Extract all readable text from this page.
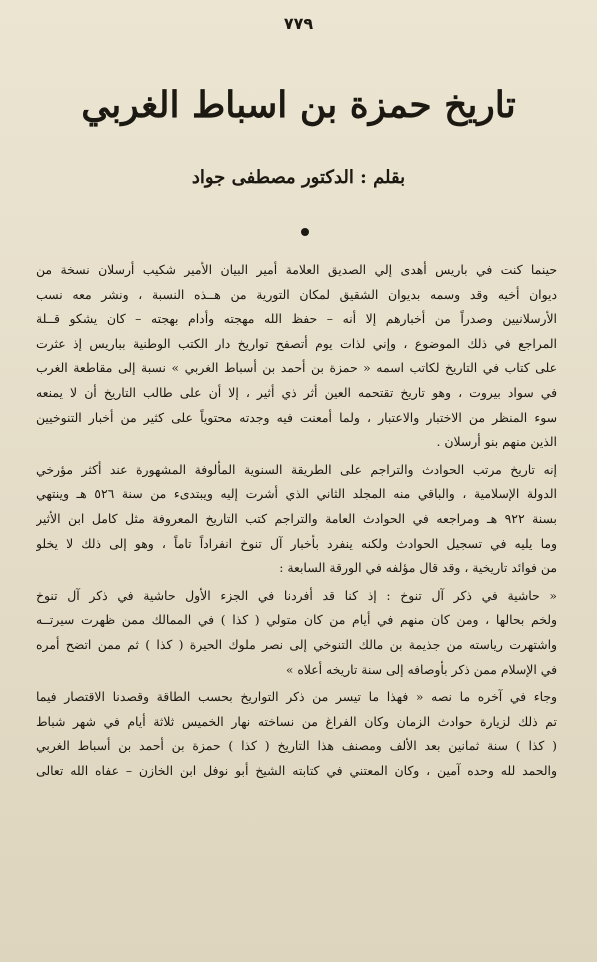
٧٧٩
تاريخ حمزة بن اسباط الغربي
بقلم : الدكتور مصطفى جواد
حينما كنت في باريس أهدى إلي الصديق العلامة أمير البيان الأمير شكيب أرسلان نسخة من
ديوان أخيه وقد وسمه بديوان الشقيق لمكان التورية من هــذه النسبة ، ونشر معه نسب
الأرسلانيين وصدراً من أخبارهم إلا أنه – حفظ الله مهجته وأدام بهجته – كان يشكو قــلة
المراجع في ذلك الموضوع ، وإني لذات يوم أتصفح تواريخ دار الكتب الوطنية بباريس إذ عثرت
على كتاب في التاريخ لكاتب اسمه « حمزة بن أحمد بن أسباط الغربي » نسبة إلى مقاطعة الغرب
في سواد بيروت ، وهو تاريخ تقتحمه العين أثر ذي أثير ، إلا أن على طالب التاريخ أن لا يمنعه
سوء المنظر من الاختبار والاعتبار ، ولما أمعنت فيه وجدته محتوياً على كثير من أخبار التنوخيين
الذين منهم بنو أرسلان .
إنه تاريخ مرتب الحوادث والتراجم على الطريقة السنوية المألوفة المشهورة عند أكثر مؤرخي
الدولة الإسلامية ، والباقي منه المجلد الثاني الذي أشرت إليه ويبتدىء من سنة ٥٢٦ هـ وينتهي
بسنة ٩٢٢ هـ ومراجعه في الحوادث العامة والتراجم كتب التاريخ المعروفة مثل كامل ابن الأثير
وما يليه في تسجيل الحوادث ولكنه ينفرد بأخبار آل تنوخ انفراداً تاماً ، وهو إلى ذلك لا يخلو
من فوائد تاريخية ، وقد قال مؤلفه في الورقة السابعة :
« حاشية في ذكر آل تنوخ : إذ كنا قد أفردنا في الجزء الأول حاشية في ذكر آل تنوخ
ولخم بحالها ، ومن كان منهم في أيام من كان متولي ( كذا ) في الممالك ممن ظهرت سيرتــه
واشتهرت رياسته من جذيمة بن مالك التنوخي إلى نصر ملوك الحيرة ( كذا ) ثم ممن اتضح أمره
في الإسلام ممن ذكر بأوصافه إلى سنة تاريخه أعلاه »
وجاء في آخره ما نصه « فهذا ما تيسر من ذكر التواريخ بحسب الطاقة وقصدنا الاقتصار فيما
تم ذلك لزيارة حوادث الزمان وكان الفراغ من نساخته نهار الخميس ثلاثة أيام في شهر شباط
( كذا ) سنة ثمانين بعد الألف ومصنف هذا التاريخ ( كذا ) حمزة بن أحمد بن أسباط الغربي
والحمد لله وحده آمين ، وكان المعتني في كتابته الشيخ أبو نوفل ابن الخازن – عفاه الله تعالى
